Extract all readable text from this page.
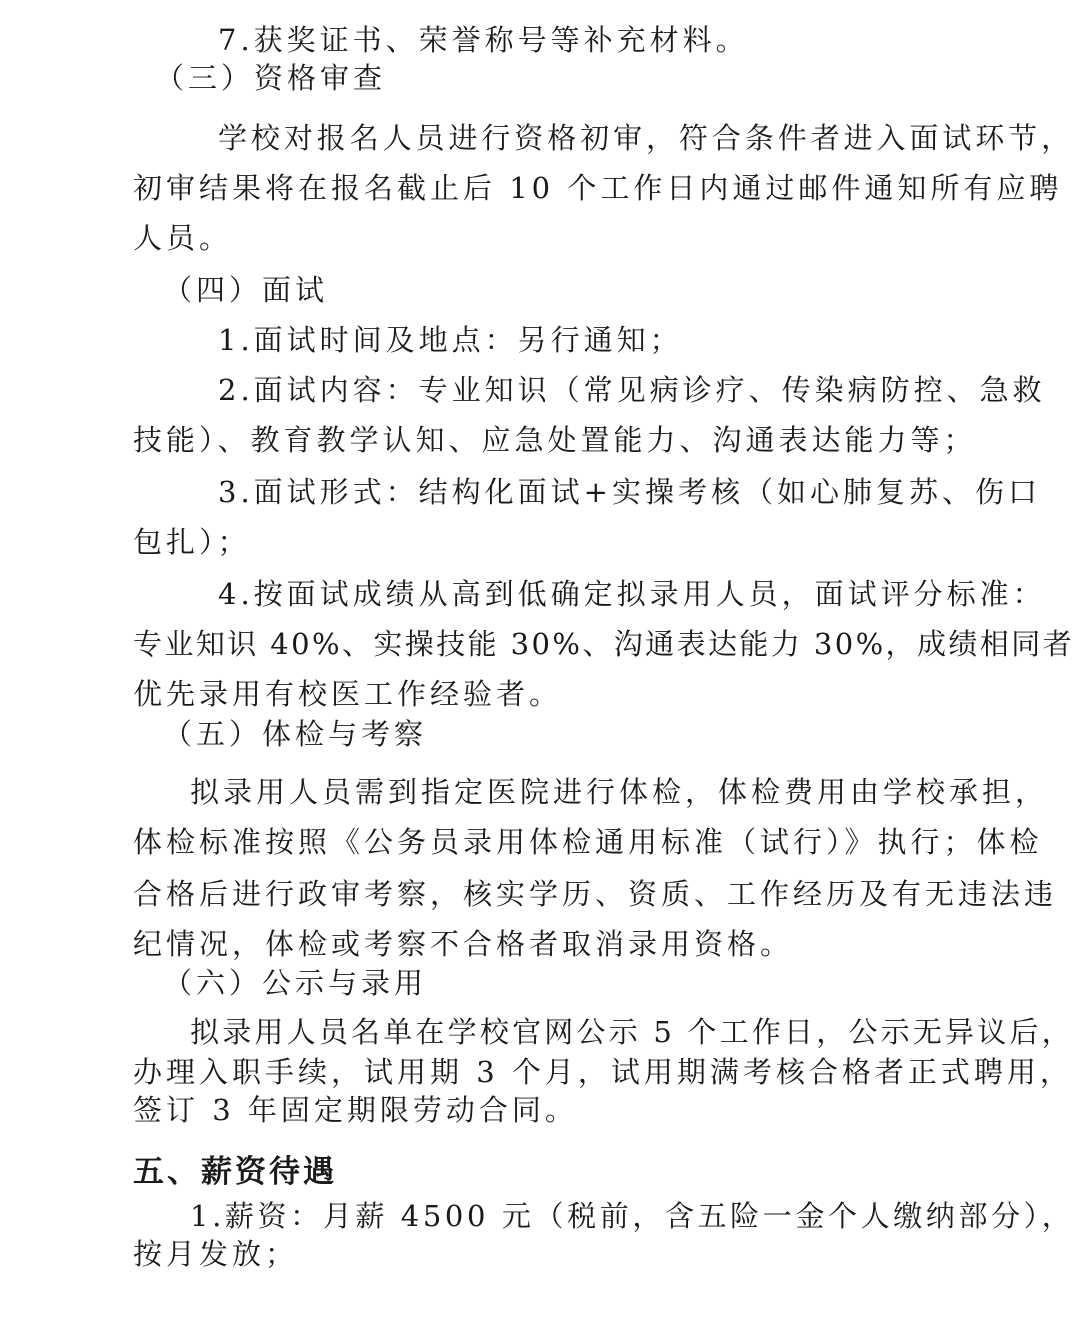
7.获奖证书、荣誉称号等补充材料。
（三）资格审查
学校对报名人员进行资格初审，符合条件者进入面试环节，
初审结果将在报名截止后 10 个工作日内通过邮件通知所有应聘
人员。
（四）面试
1.面试时间及地点：另行通知；
2.面试内容：专业知识（常见病诊疗、传染病防控、急救
技能）、教育教学认知、应急处置能力、沟通表达能力等；
3.面试形式：结构化面试+实操考核（如心肺复苏、伤口
包扎）；
4.按面试成绩从高到低确定拟录用人员，面试评分标准：
专业知识 40%、实操技能 30%、沟通表达能力 30%，成绩相同者
优先录用有校医工作经验者。
（五）体检与考察
拟录用人员需到指定医院进行体检，体检费用由学校承担，
体检标准按照《公务员录用体检通用标准（试行）》执行；体检
合格后进行政审考察，核实学历、资质、工作经历及有无违法违
纪情况，体检或考察不合格者取消录用资格。
（六）公示与录用
拟录用人员名单在学校官网公示 5 个工作日，公示无异议后，
办理入职手续，试用期 3 个月，试用期满考核合格者正式聘用，
签订 3 年固定期限劳动合同。
五、薪资待遇
1.薪资：月薪 4500 元（税前，含五险一金个人缴纳部分），
按月发放；
